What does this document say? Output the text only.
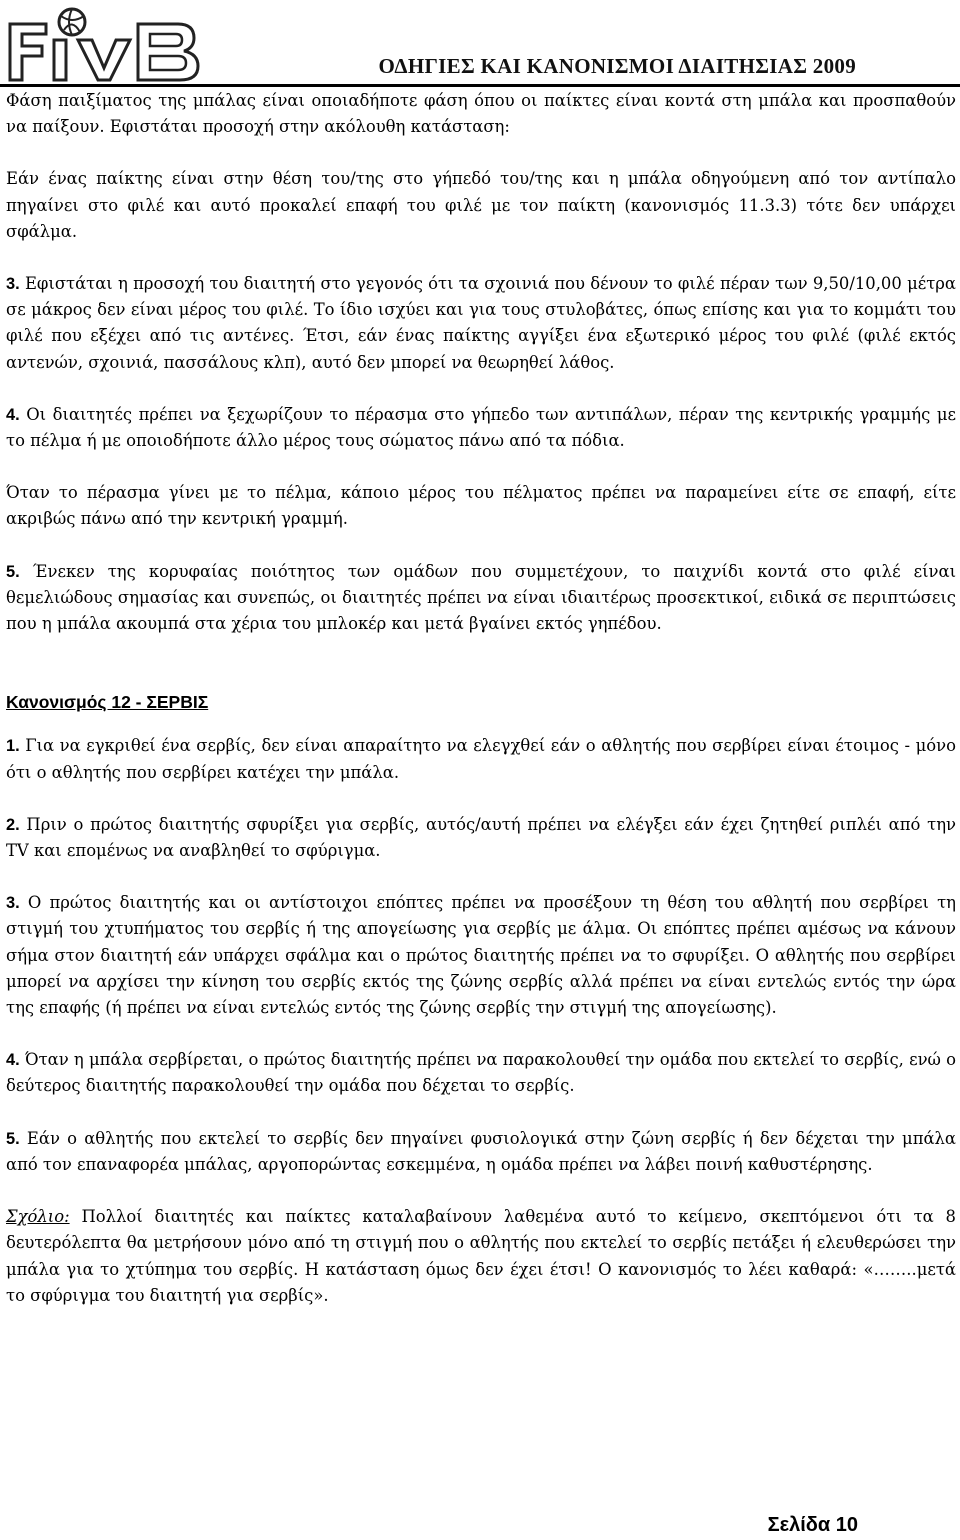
ΟΔΗΓΙΕΣ ΚΑΙ ΚΑΝΟΝΙΣΜΟΙ ΔΙΑΙΤΗΣΙΑΣ 2009

Φάση παιξίματος της μπάλας είναι οποιαδήποτε φάση όπου οι παίκτες είναι κοντά στη μπάλα και προσπαθούν να παίξουν. Εφιστάται προσοχή στην ακόλουθη κατάσταση:

Εάν ένας παίκτης είναι στην θέση του/της στο γήπεδό του/της και η μπάλα οδηγούμενη από τον αντίπαλο πηγαίνει στο φιλέ και αυτό προκαλεί επαφή του φιλέ με τον παίκτη (κανονισμός 11.3.3) τότε δεν υπάρχει σφάλμα.

3. Εφιστάται η προσοχή του διαιτητή στο γεγονός ότι τα σχοινιά που δένουν το φιλέ πέραν των 9,50/10,00 μέτρα σε μάκρος δεν είναι μέρος του φιλέ. Το ίδιο ισχύει και για τους στυλοβάτες, όπως επίσης και για το κομμάτι του φιλέ που εξέχει από τις αντένες. Έτσι, εάν ένας παίκτης αγγίξει ένα εξωτερικό μέρος του φιλέ (φιλέ εκτός αντενών, σχοινιά, πασσάλους κλπ), αυτό δεν μπορεί να θεωρηθεί λάθος.

4. Οι διαιτητές πρέπει να ξεχωρίζουν το πέρασμα στο γήπεδο των αντιπάλων, πέραν της κεντρικής γραμμής με το πέλμα ή με οποιοδήποτε άλλο μέρος τους σώματος πάνω από τα πόδια.

Όταν το πέρασμα γίνει με το πέλμα, κάποιο μέρος του πέλματος πρέπει να παραμείνει είτε σε επαφή, είτε ακριβώς πάνω από την κεντρική γραμμή.

5. Ένεκεν της κορυφαίας ποιότητος των ομάδων που συμμετέχουν, το παιχνίδι κοντά στο φιλέ είναι θεμελιώδους σημασίας και συνεπώς, οι διαιτητές πρέπει να είναι ιδιαιτέρως προσεκτικοί, ειδικά σε περιπτώσεις που η μπάλα ακουμπά στα χέρια του μπλοκέρ και μετά βγαίνει εκτός γηπέδου.

Κανονισμός 12 - ΣΕΡΒΙΣ

1. Για να εγκριθεί ένα σερβίς, δεν είναι απαραίτητο να ελεγχθεί εάν ο αθλητής που σερβίρει είναι έτοιμος - μόνο ότι ο αθλητής που σερβίρει κατέχει την μπάλα.

2. Πριν ο πρώτος διαιτητής σφυρίξει για σερβίς, αυτός/αυτή πρέπει να ελέγξει εάν έχει ζητηθεί ριπλέι από την TV και επομένως να αναβληθεί το σφύριγμα.

3. Ο πρώτος διαιτητής και οι αντίστοιχοι επόπτες πρέπει να προσέξουν τη θέση του αθλητή που σερβίρει τη στιγμή του χτυπήματος του σερβίς ή της απογείωσης για σερβίς με άλμα. Οι επόπτες πρέπει αμέσως να κάνουν σήμα στον διαιτητή εάν υπάρχει σφάλμα και ο πρώτος διαιτητής πρέπει να το σφυρίξει. Ο αθλητής που σερβίρει μπορεί να αρχίσει την κίνηση του σερβίς εκτός της ζώνης σερβίς αλλά πρέπει να είναι εντελώς εντός την ώρα της επαφής (ή πρέπει να είναι εντελώς εντός της ζώνης σερβίς την στιγμή της απογείωσης).

4. Όταν η μπάλα σερβίρεται, ο πρώτος διαιτητής πρέπει να παρακολουθεί την ομάδα που εκτελεί το σερβίς, ενώ ο δεύτερος διαιτητής παρακολουθεί την ομάδα που δέχεται το σερβίς.

5. Εάν ο αθλητής που εκτελεί το σερβίς δεν πηγαίνει φυσιολογικά στην ζώνη σερβίς ή δεν δέχεται την μπάλα από τον επαναφορέα μπάλας, αργοπορώντας εσκεμμένα, η ομάδα πρέπει να λάβει ποινή καθυστέρησης.

Σχόλιο: Πολλοί διαιτητές και παίκτες καταλαβαίνουν λαθεμένα αυτό το κείμενο, σκεπτόμενοι ότι τα 8 δευτερόλεπτα θα μετρήσουν μόνο από τη στιγμή που ο αθλητής που εκτελεί το σερβίς πετάξει ή ελευθερώσει την μπάλα για το χτύπημα του σερβίς. Η κατάσταση όμως δεν έχει έτσι! Ο κανονισμός το λέει καθαρά: «……..μετά το σφύριγμα του διαιτητή για σερβίς».

Σελίδα 10
